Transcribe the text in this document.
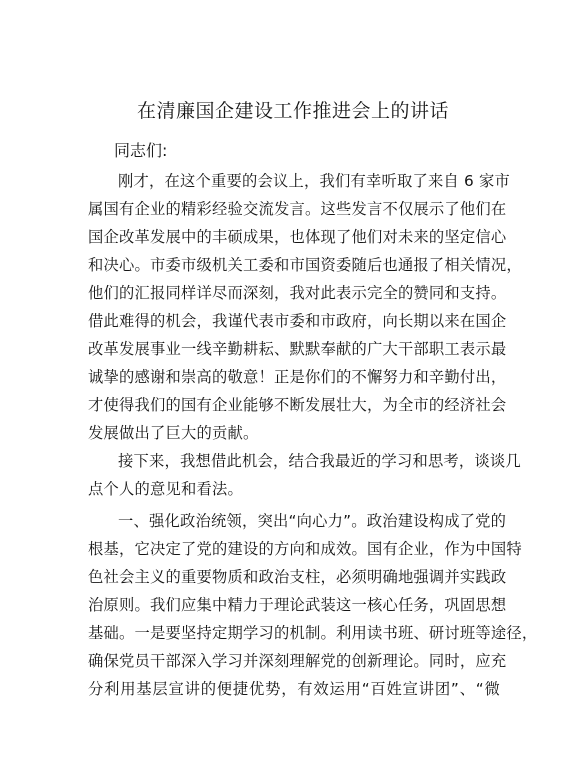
在清廉国企建设工作推进会上的讲话
同志们:
刚才，在这个重要的会议上，我们有幸听取了来自 6 家市
属国有企业的精彩经验交流发言。这些发言不仅展示了他们在
国企改革发展中的丰硕成果，也体现了他们对未来的坚定信心
和决心。市委市级机关工委和市国资委随后也通报了相关情况，
他们的汇报同样详尽而深刻，我对此表示完全的赞同和支持。
借此难得的机会，我谨代表市委和市政府，向长期以来在国企
改革发展事业一线辛勤耕耘、默默奉献的广大干部职工表示最
诚挚的感谢和崇高的敬意！正是你们的不懈努力和辛勤付出，
才使得我们的国有企业能够不断发展壮大，为全市的经济社会
发展做出了巨大的贡献。
接下来，我想借此机会，结合我最近的学习和思考，谈谈几
点个人的意见和看法。
一、强化政治统领，突出“向心力”。政治建设构成了党的
根基，它决定了党的建设的方向和成效。国有企业，作为中国特
色社会主义的重要物质和政治支柱，必须明确地强调并实践政
治原则。我们应集中精力于理论武装这一核心任务，巩固思想
基础。一是要坚持定期学习的机制。利用读书班、研讨班等途径，
确保党员干部深入学习并深刻理解党的创新理论。同时，应充
分利用基层宣讲的便捷优势，有效运用“百姓宣讲团”、“微
